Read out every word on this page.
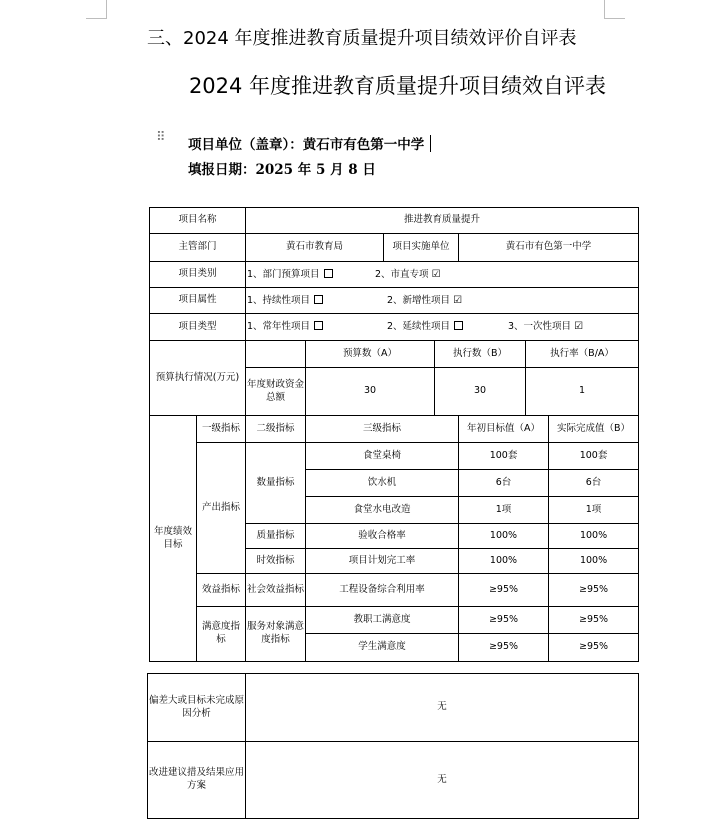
三、2024 年度推进教育质量提升项目绩效评价自评表
2024 年度推进教育质量提升项目绩效自评表
⠿ 项目单位（盖章）：黄石市有色第一中学
填报日期：2025 年 5 月 8 日
项目名称		推进教育质量提升						
主管部门		黄石市教育局		项目实施单位		黄石市有色第一中学		
项目类别		1、部门预算项目 2、市直专项 ☑						
项目属性		1、持续性项目 2、新增性项目 ☑						
项目类型		1、常年性项目 2、延续性项目 3、一次性项目 ☑						
预算执行情况(万元)			预算数（A）		执行数（B）		执行率（B/A）	
		年度财政资金总额	30		30		1	
年度绩效目标	一级指标	二级指标	三级指标			年初目标值（A）		实际完成值（B）
	产出指标	数量指标	食堂桌椅			100套		100套
			饮水机			6台		6台
			食堂水电改造			1项		1项
		质量指标	验收合格率			100%		100%
		时效指标	项目计划完工率			100%		100%
	效益指标	社会效益指标	工程设备综合利用率			≥95%		≥95%
	满意度指标	服务对象满意度指标	教职工满意度			≥95%		≥95%
			学生满意度			≥95%		≥95%
偏差大或目标未完成原因分析	无
改进建议措及结果应用方案	无
